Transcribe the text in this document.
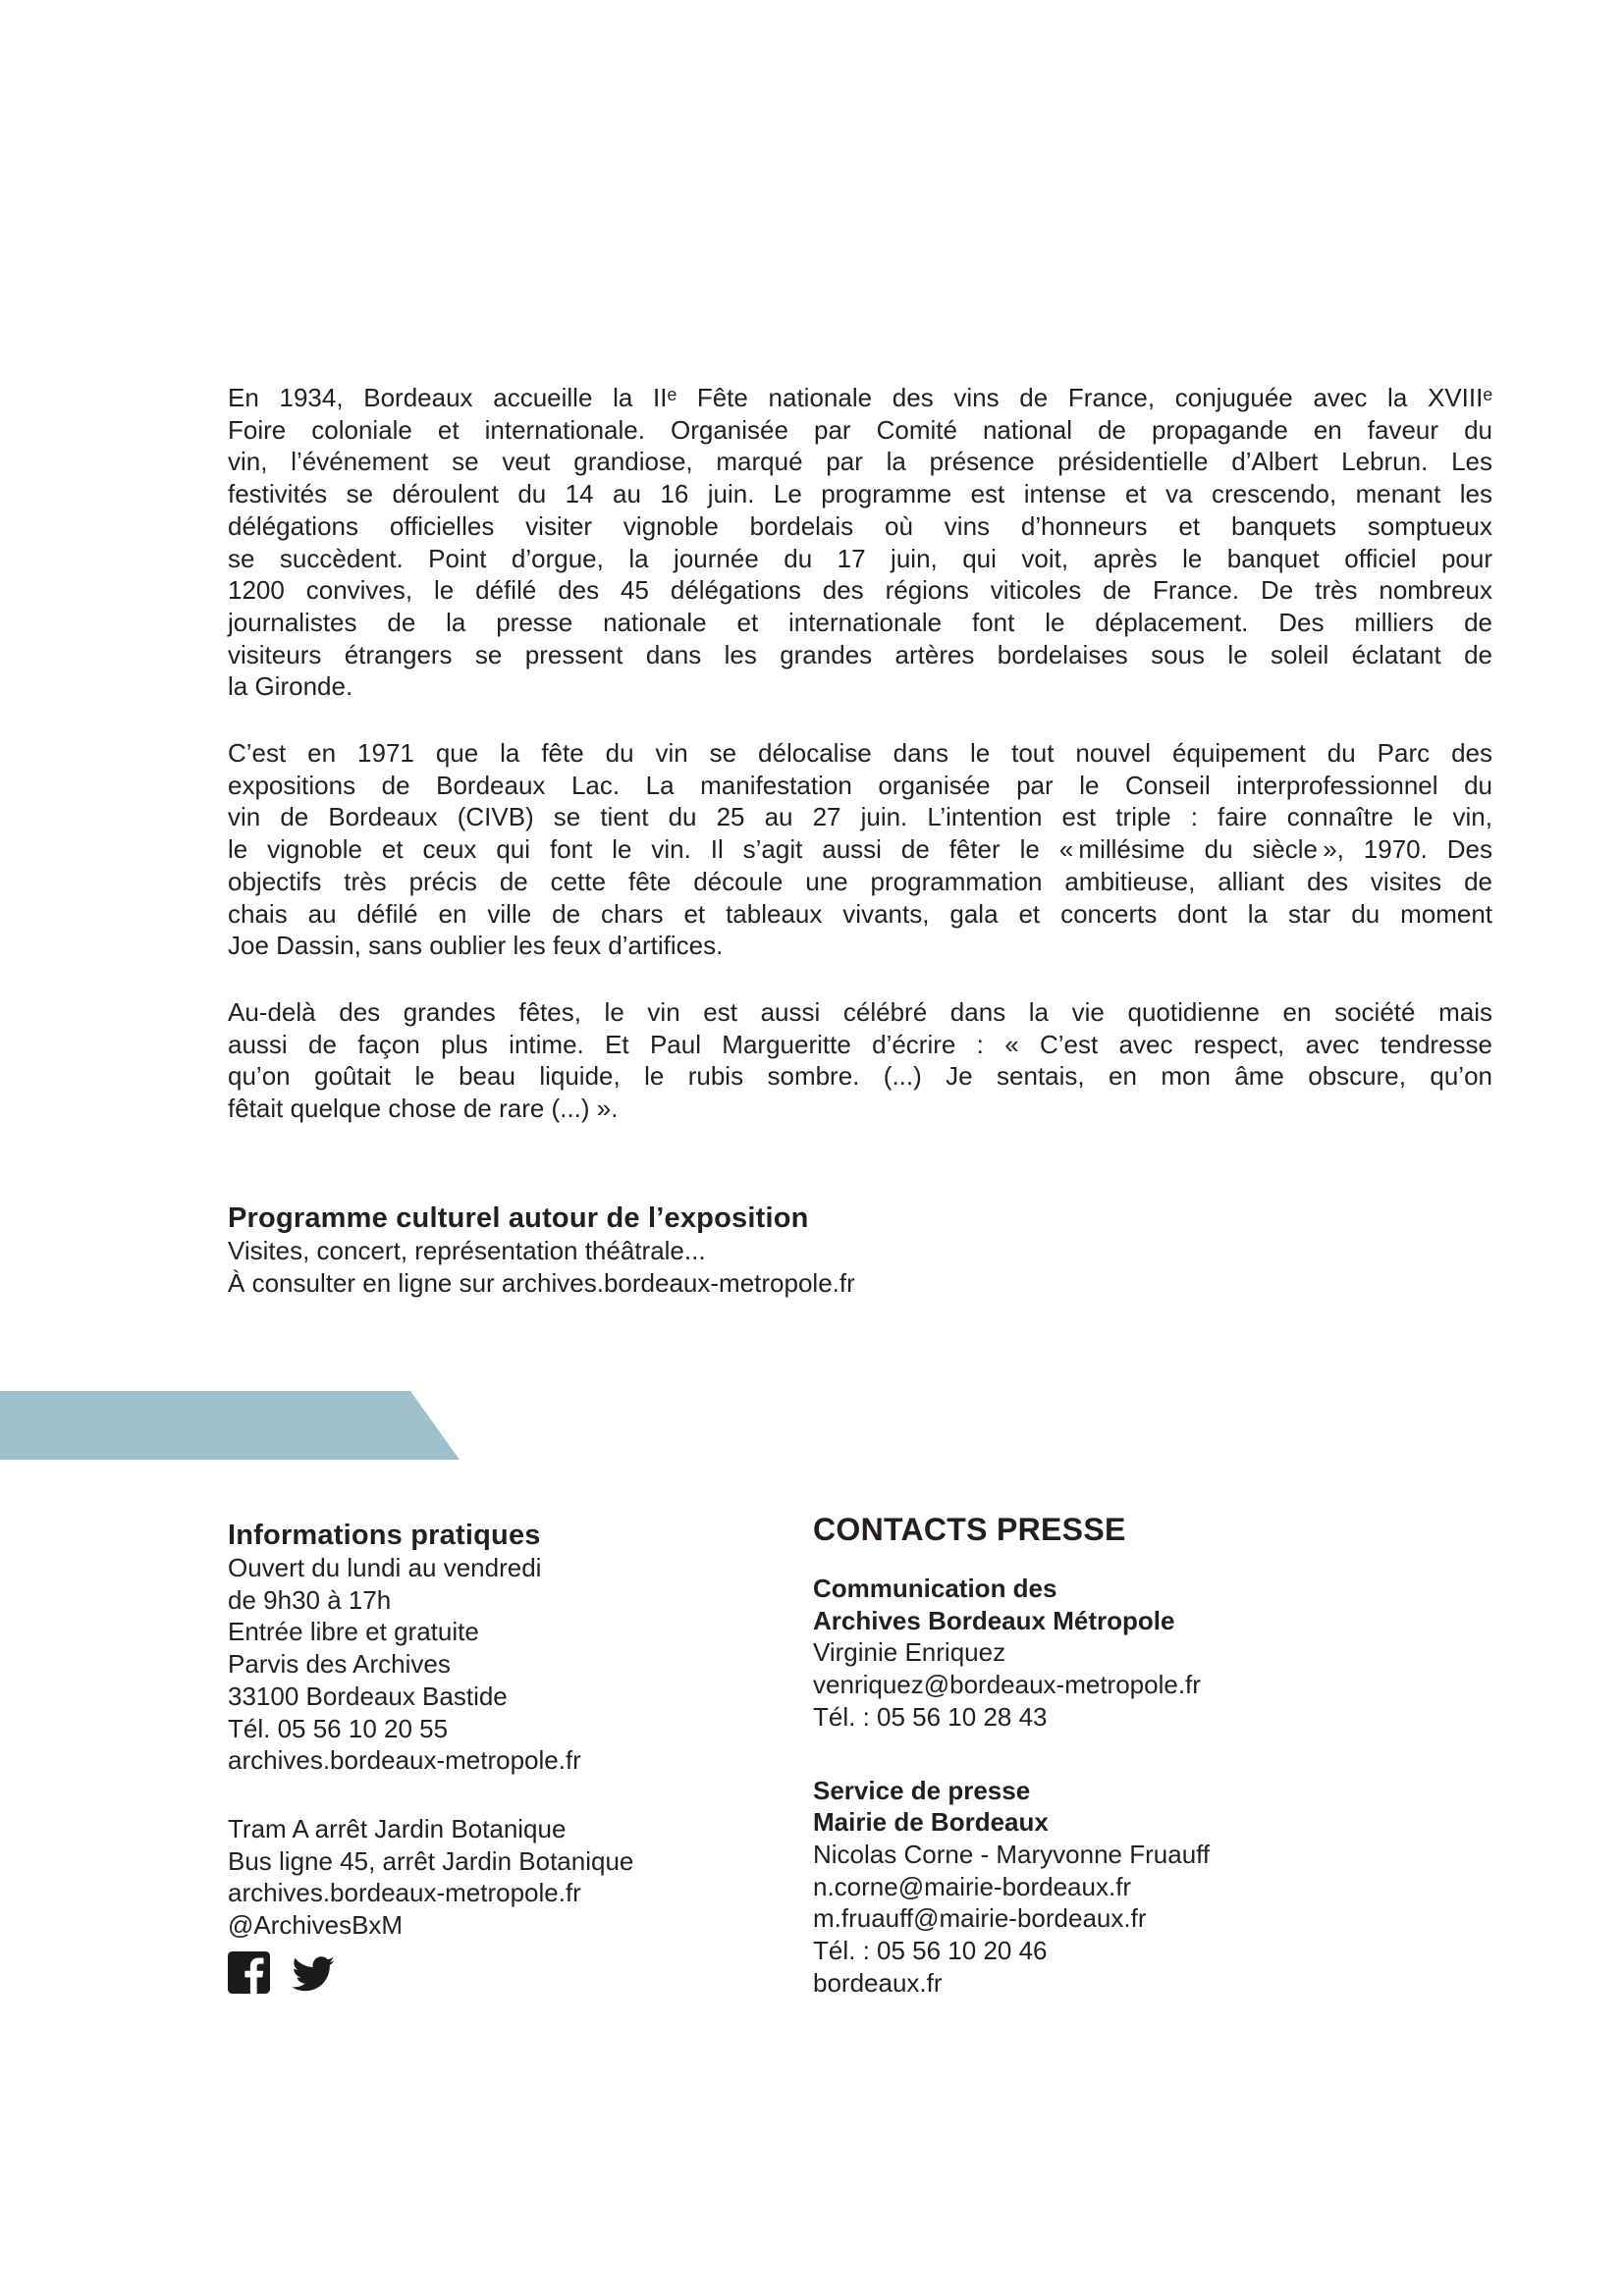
En 1934, Bordeaux accueille la IIᵉ Fête nationale des vins de France, conjuguée avec la XVIIIᵉ
Foire coloniale et internationale. Organisée par Comité national de propagande en faveur du
vin, l’événement se veut grandiose, marqué par la présence présidentielle d’Albert Lebrun. Les
festivités se déroulent du 14 au 16 juin. Le programme est intense et va crescendo, menant les
délégations officielles visiter vignoble bordelais où vins d’honneurs et banquets somptueux
se succèdent. Point d’orgue, la journée du 17 juin, qui voit, après le banquet officiel pour
1200 convives, le défilé des 45 délégations des régions viticoles de France. De très nombreux
journalistes de la presse nationale et internationale font le déplacement. Des milliers de
visiteurs étrangers se pressent dans les grandes artères bordelaises sous le soleil éclatant de
la Gironde.

C’est en 1971 que la fête du vin se délocalise dans le tout nouvel équipement du Parc des
expositions de Bordeaux Lac. La manifestation organisée par le Conseil interprofessionnel du
vin de Bordeaux (CIVB) se tient du 25 au 27 juin. L’intention est triple : faire connaître le vin,
le vignoble et ceux qui font le vin. Il s’agit aussi de fêter le « millésime du siècle », 1970. Des
objectifs très précis de cette fête découle une programmation ambitieuse, alliant des visites de
chais au défilé en ville de chars et tableaux vivants, gala et concerts dont la star du moment
Joe Dassin, sans oublier les feux d’artifices.

Au-delà des grandes fêtes, le vin est aussi célébré dans la vie quotidienne en société mais
aussi de façon plus intime. Et Paul Margueritte d’écrire : « C’est avec respect, avec tendresse
qu’on goûtait le beau liquide, le rubis sombre. (...) Je sentais, en mon âme obscure, qu’on
fêtait quelque chose de rare (...) ».

Programme culturel autour de l’exposition
Visites, concert, représentation théâtrale...
À consulter en ligne sur archives.bordeaux-metropole.fr
Informations pratiques
Ouvert du lundi au vendredi
de 9h30 à 17h
Entrée libre et gratuite
Parvis des Archives
33100 Bordeaux Bastide
Tél. 05 56 10 20 55
archives.bordeaux-metropole.fr
Tram A arrêt Jardin Botanique
Bus ligne 45, arrêt Jardin Botanique
archives.bordeaux-metropole.fr
@ArchivesBxM
CONTACTS PRESSE
Communication des
Archives Bordeaux Métropole
Virginie Enriquez
venriquez@bordeaux-metropole.fr
Tél. : 05 56 10 28 43
Service de presse
Mairie de Bordeaux
Nicolas Corne - Maryvonne Fruauff
n.corne@mairie-bordeaux.fr
m.fruauff@mairie-bordeaux.fr
Tél. : 05 56 10 20 46
bordeaux.fr
